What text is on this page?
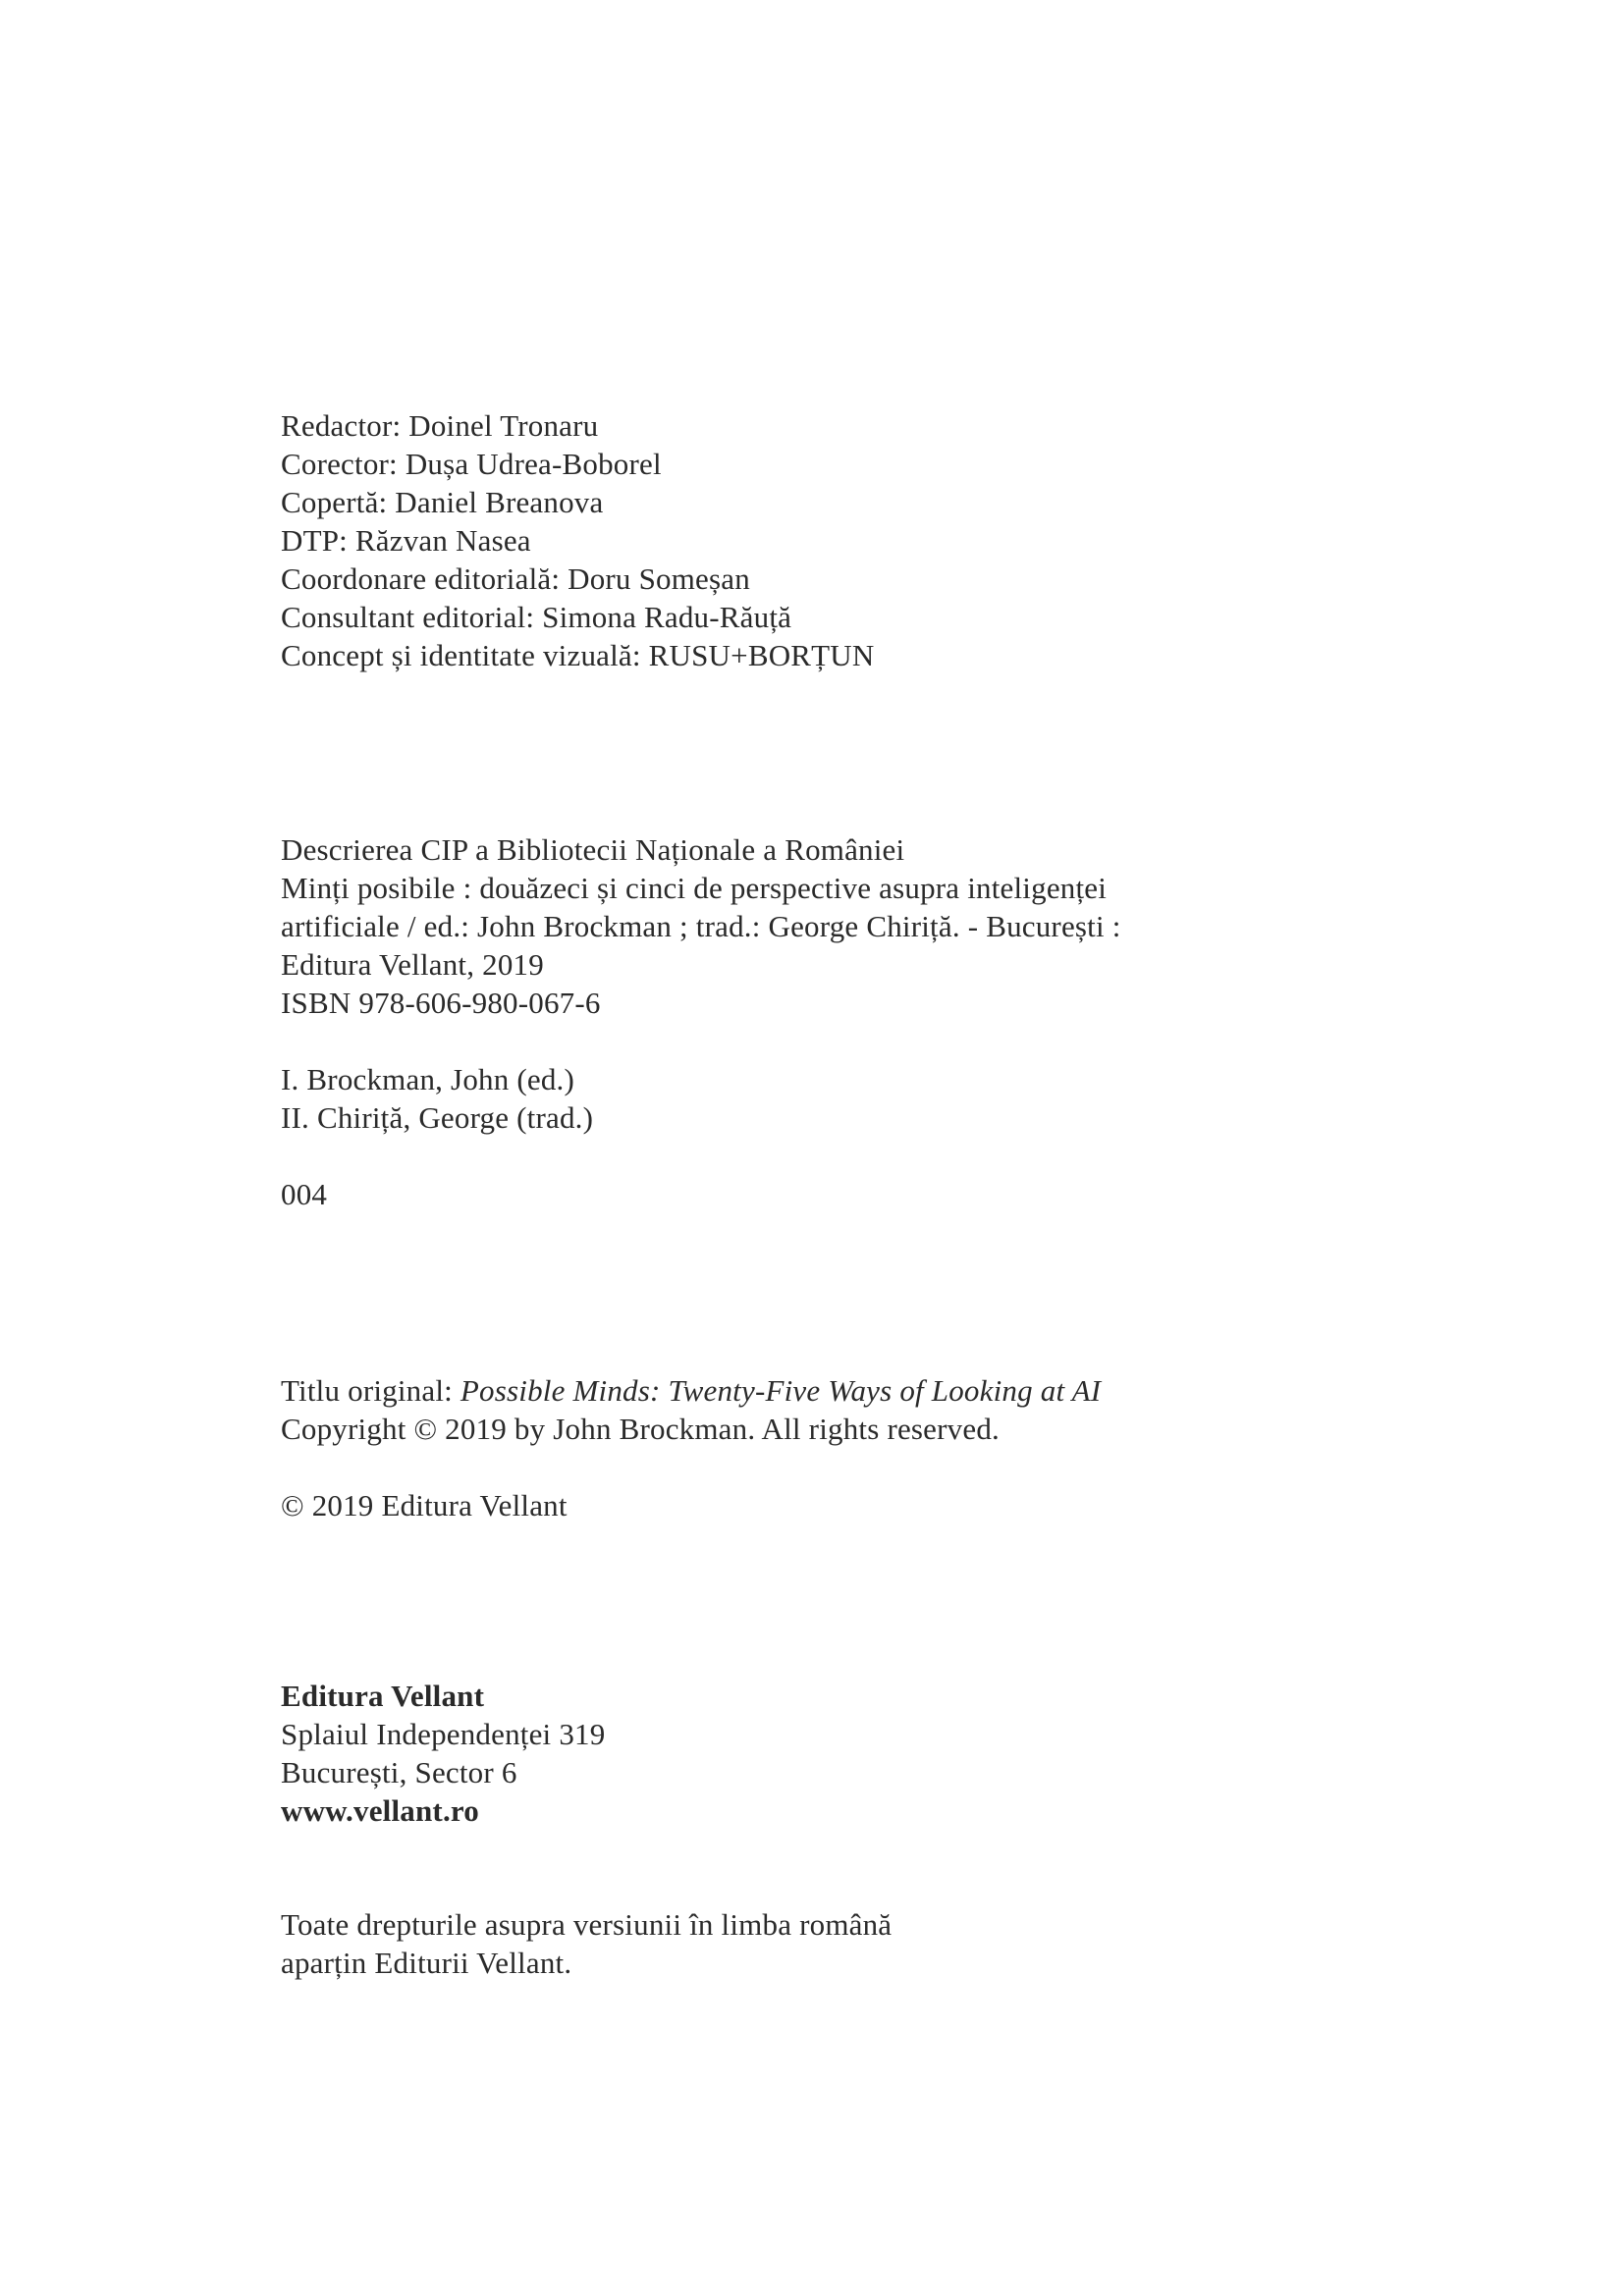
Redactor: Doinel Tronaru
Corector: Dușa Udrea-Boborel
Copertă: Daniel Breanova
DTP: Răzvan Nasea
Coordonare editorială: Doru Someșan
Consultant editorial: Simona Radu-Răuță
Concept și identitate vizuală: RUSU+BORȚUN
Descrierea CIP a Bibliotecii Naționale a României
Minți posibile : douăzeci și cinci de perspective asupra inteligenței
artificiale / ed.: John Brockman ; trad.: George Chiriță. - București :
Editura Vellant, 2019
ISBN 978-606-980-067-6
I. Brockman, John (ed.)
II. Chiriță, George (trad.)
004
Titlu original: Possible Minds: Twenty-Five Ways of Looking at AI
Copyright © 2019 by John Brockman. All rights reserved.
© 2019 Editura Vellant
Editura Vellant
Splaiul Independenței 319
București, Sector 6
www.vellant.ro
Toate drepturile asupra versiunii în limba română
aparțin Editurii Vellant.
